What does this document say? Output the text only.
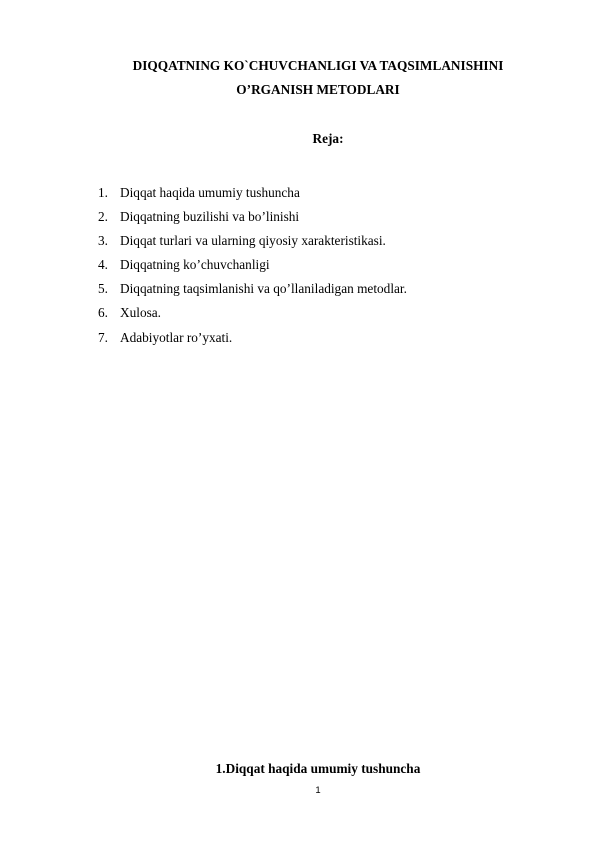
DIQQATNING KO`CHUVCHANLIGI VA TAQSIMLANISHINI
O’RGANISH METODLARI
Reja:
1. Diqqat haqida umumiy tushuncha
2. Diqqatning buzilishi va bo’linishi
3. Diqqat turlari va ularning qiyosiy xarakteristikasi.
4. Diqqatning ko’chuvchanligi
5. Diqqatning taqsimlanishi va qo’llaniladigan metodlar.
6. Xulosa.
7. Adabiyotlar ro’yxati.
1.Diqqat haqida umumiy tushuncha
1
